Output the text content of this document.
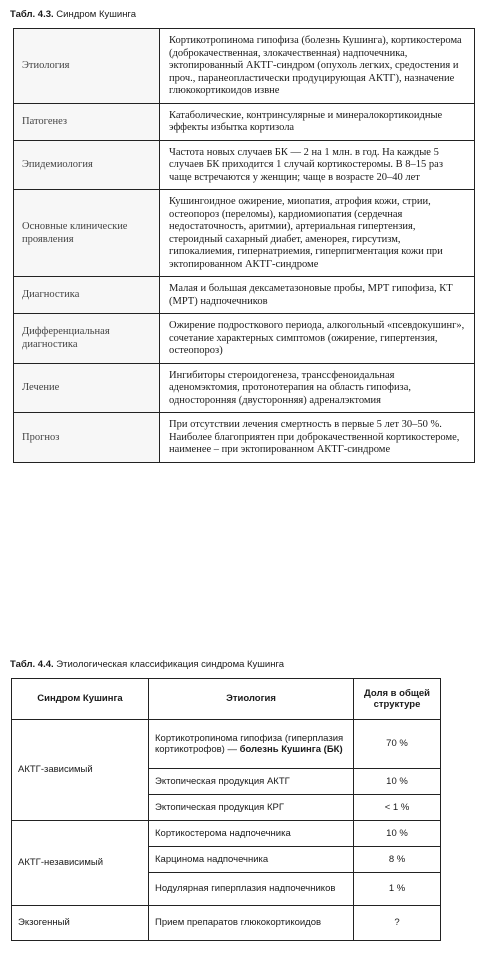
Табл. 4.3. Синдром Кушинга
Этиология	Кортикотропинома гипофиза (болезнь Кушинга), кортикостерома (доброкачественная, злокачественная) надпочечника, эктопированный АКТГ-синдром (опухоль легких, средостения и проч., паранеопластически продуцирующая АКТГ), назначение глюкокортикоидов извне
Патогенез	Катаболические, контринсулярные и минералокортикоидные эффекты избытка кортизола
Эпидемиология	Частота новых случаев БК — 2 на 1 млн. в год. На каждые 5 случаев БК приходится 1 случай кортикостеромы. В 8–15 раз чаще встречаются у женщин; чаще в возрасте 20–40 лет
Основные клинические проявления	Кушингоидное ожирение, миопатия, атрофия кожи, стрии, остеопороз (переломы), кардиомиопатия (сердечная недостаточность, аритмии), артериальная гипертензия, стероидный сахарный диабет, аменорея, гирсутизм, гипокалиемия, гипернатриемия, гиперпигментация кожи при эктопированном АКТГ-синдроме
Диагностика	Малая и большая дексаметазоновые пробы, МРТ гипофиза, КТ (МРТ) надпочечников
Дифференциальная диагностика	Ожирение подросткового периода, алкогольный «псевдокушинг», сочетание характерных симптомов (ожирение, гипертензия, остеопороз)
Лечение	Ингибиторы стероидогенеза, транссфеноидальная аденомэктомия, протонотерапия на область гипофиза, односторонняя (двусторонняя) адреналэктомия
Прогноз	При отсутствии лечения смертность в первые 5 лет 30–50 %. Наиболее благоприятен при доброкачественной кортикостероме, наименее – при эктопированном АКТГ-синдроме
Табл. 4.4. Этиологическая классификация синдрома Кушинга
Синдром Кушинга	Этиология	Доля в общей структуре
АКТГ-зависимый	Кортикотропинома гипофиза (гиперплазия кортикотрофов) — болезнь Кушинга (БК)	70 %
	Эктопическая продукция АКТГ	10 %
	Эктопическая продукция КРГ	< 1 %
АКТГ-независимый	Кортикостерома надпочечника	10 %
	Карцинома надпочечника	8 %
	Нодулярная гиперплазия надпочечников	1 %
Экзогенный	Прием препаратов глюкокортикоидов	?
